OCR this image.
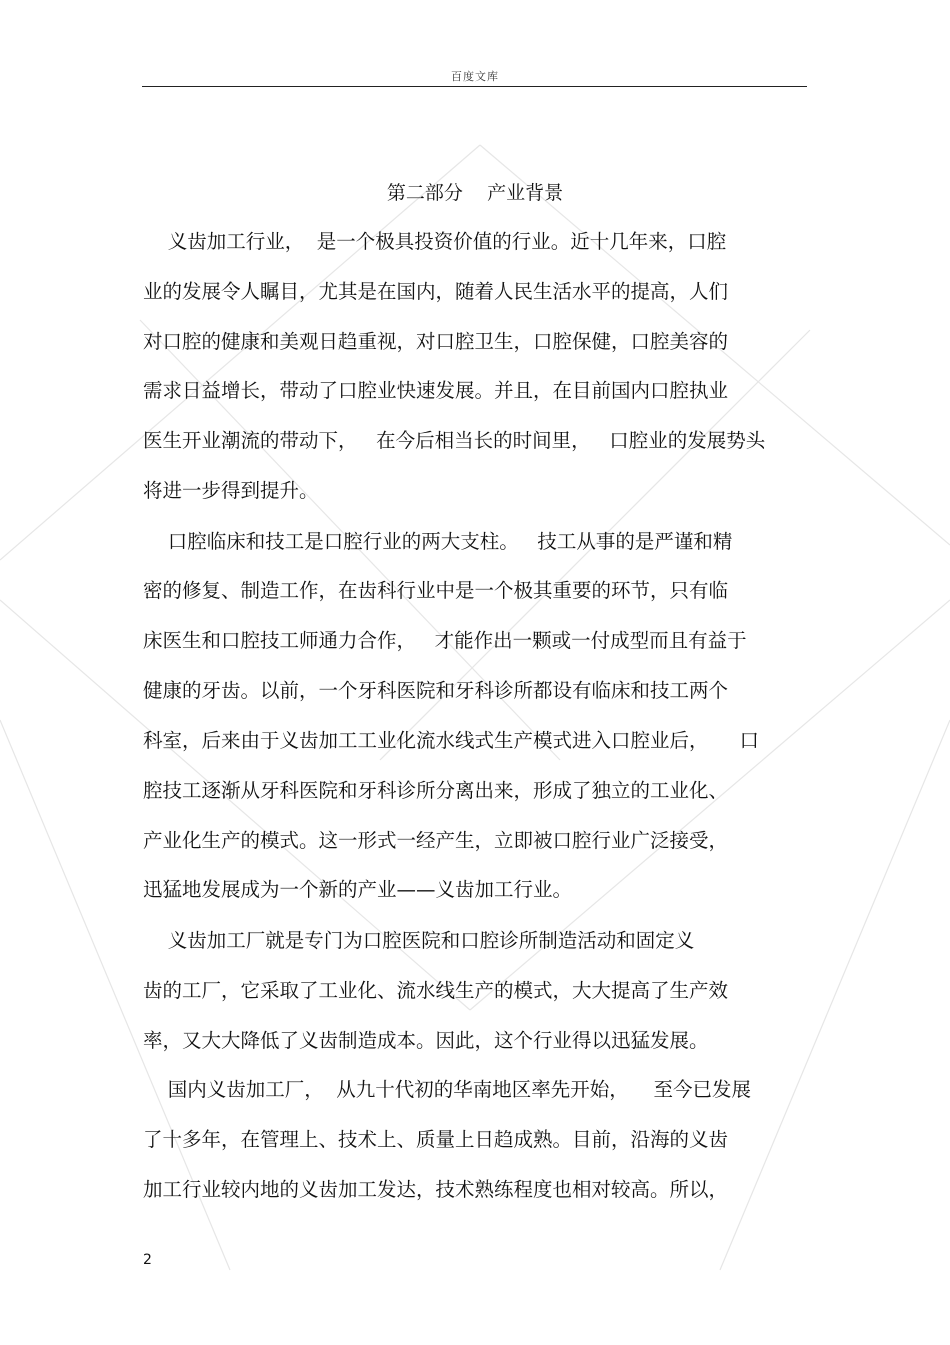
百度文库
第二部分    产业背景
义齿加工行业，  是一个极具投资价值的行业。近十几年来，口腔
业的发展令人瞩目，尤其是在国内，随着人民生活水平的提高，人们
对口腔的健康和美观日趋重视，对口腔卫生，口腔保健，口腔美容的
需求日益增长，带动了口腔业快速发展。并且，在目前国内口腔执业
医生开业潮流的带动下，   在今后相当长的时间里，   口腔业的发展势头
将进一步得到提升。
口腔临床和技工是口腔行业的两大支柱。   技工从事的是严谨和精
密的修复、制造工作，在齿科行业中是一个极其重要的环节，只有临
床医生和口腔技工师通力合作，   才能作出一颗或一付成型而且有益于
健康的牙齿。以前，一个牙科医院和牙科诊所都设有临床和技工两个
科室，后来由于义齿加工工业化流水线式生产模式进入口腔业后，     口
腔技工逐渐从牙科医院和牙科诊所分离出来，形成了独立的工业化、
产业化生产的模式。这一形式一经产生，立即被口腔行业广泛接受，
迅猛地发展成为一个新的产业——义齿加工行业。
义齿加工厂就是专门为口腔医院和口腔诊所制造活动和固定义
齿的工厂，它采取了工业化、流水线生产的模式，大大提高了生产效
率，又大大降低了义齿制造成本。因此，这个行业得以迅猛发展。
国内义齿加工厂，  从九十代初的华南地区率先开始，    至今已发展
了十多年，在管理上、技术上、质量上日趋成熟。目前，沿海的义齿
加工行业较内地的义齿加工发达，技术熟练程度也相对较高。所以，
2
